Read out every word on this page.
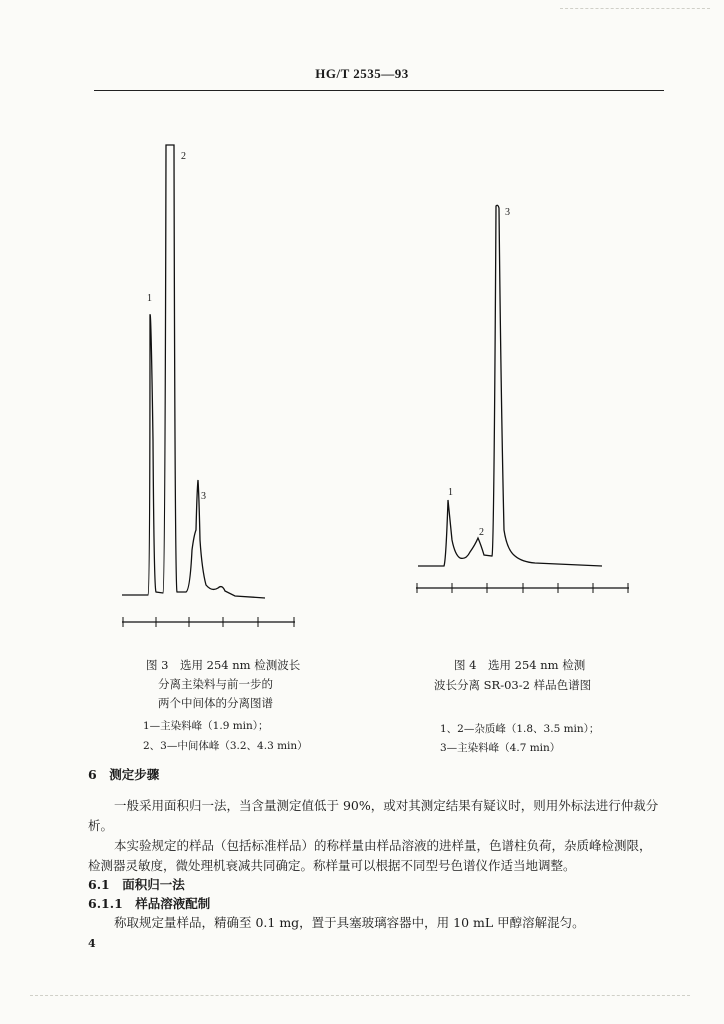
HG/T 2535—93
1
2
3	1
2
3
图 3　选用 254 nm 检测波长
分离主染料与前一步的
两个中间体的分离图谱
1—主染料峰（1.9 min）；
2、3—中间体峰（3.2、4.3 min）
图 4　选用 254 nm 检测
波长分离 SR-03-2 样品色谱图
1、2—杂质峰（1.8、3.5 min）；
3—主染料峰（4.7 min）
6　测定步骤
一般采用面积归一法，当含量测定值低于 90%，或对其测定结果有疑议时，则用外标法进行仲裁分析。
本实验规定的样品（包括标准样品）的称样量由样品溶液的进样量，色谱柱负荷，杂质峰检测限，检测器灵敏度，微处理机衰减共同确定。称样量可以根据不同型号色谱仪作适当地调整。
6.1　面积归一法
6.1.1　样品溶液配制
称取规定量样品，精确至 0.1 mg，置于具塞玻璃容器中，用 10 mL 甲醇溶解混匀。
4
